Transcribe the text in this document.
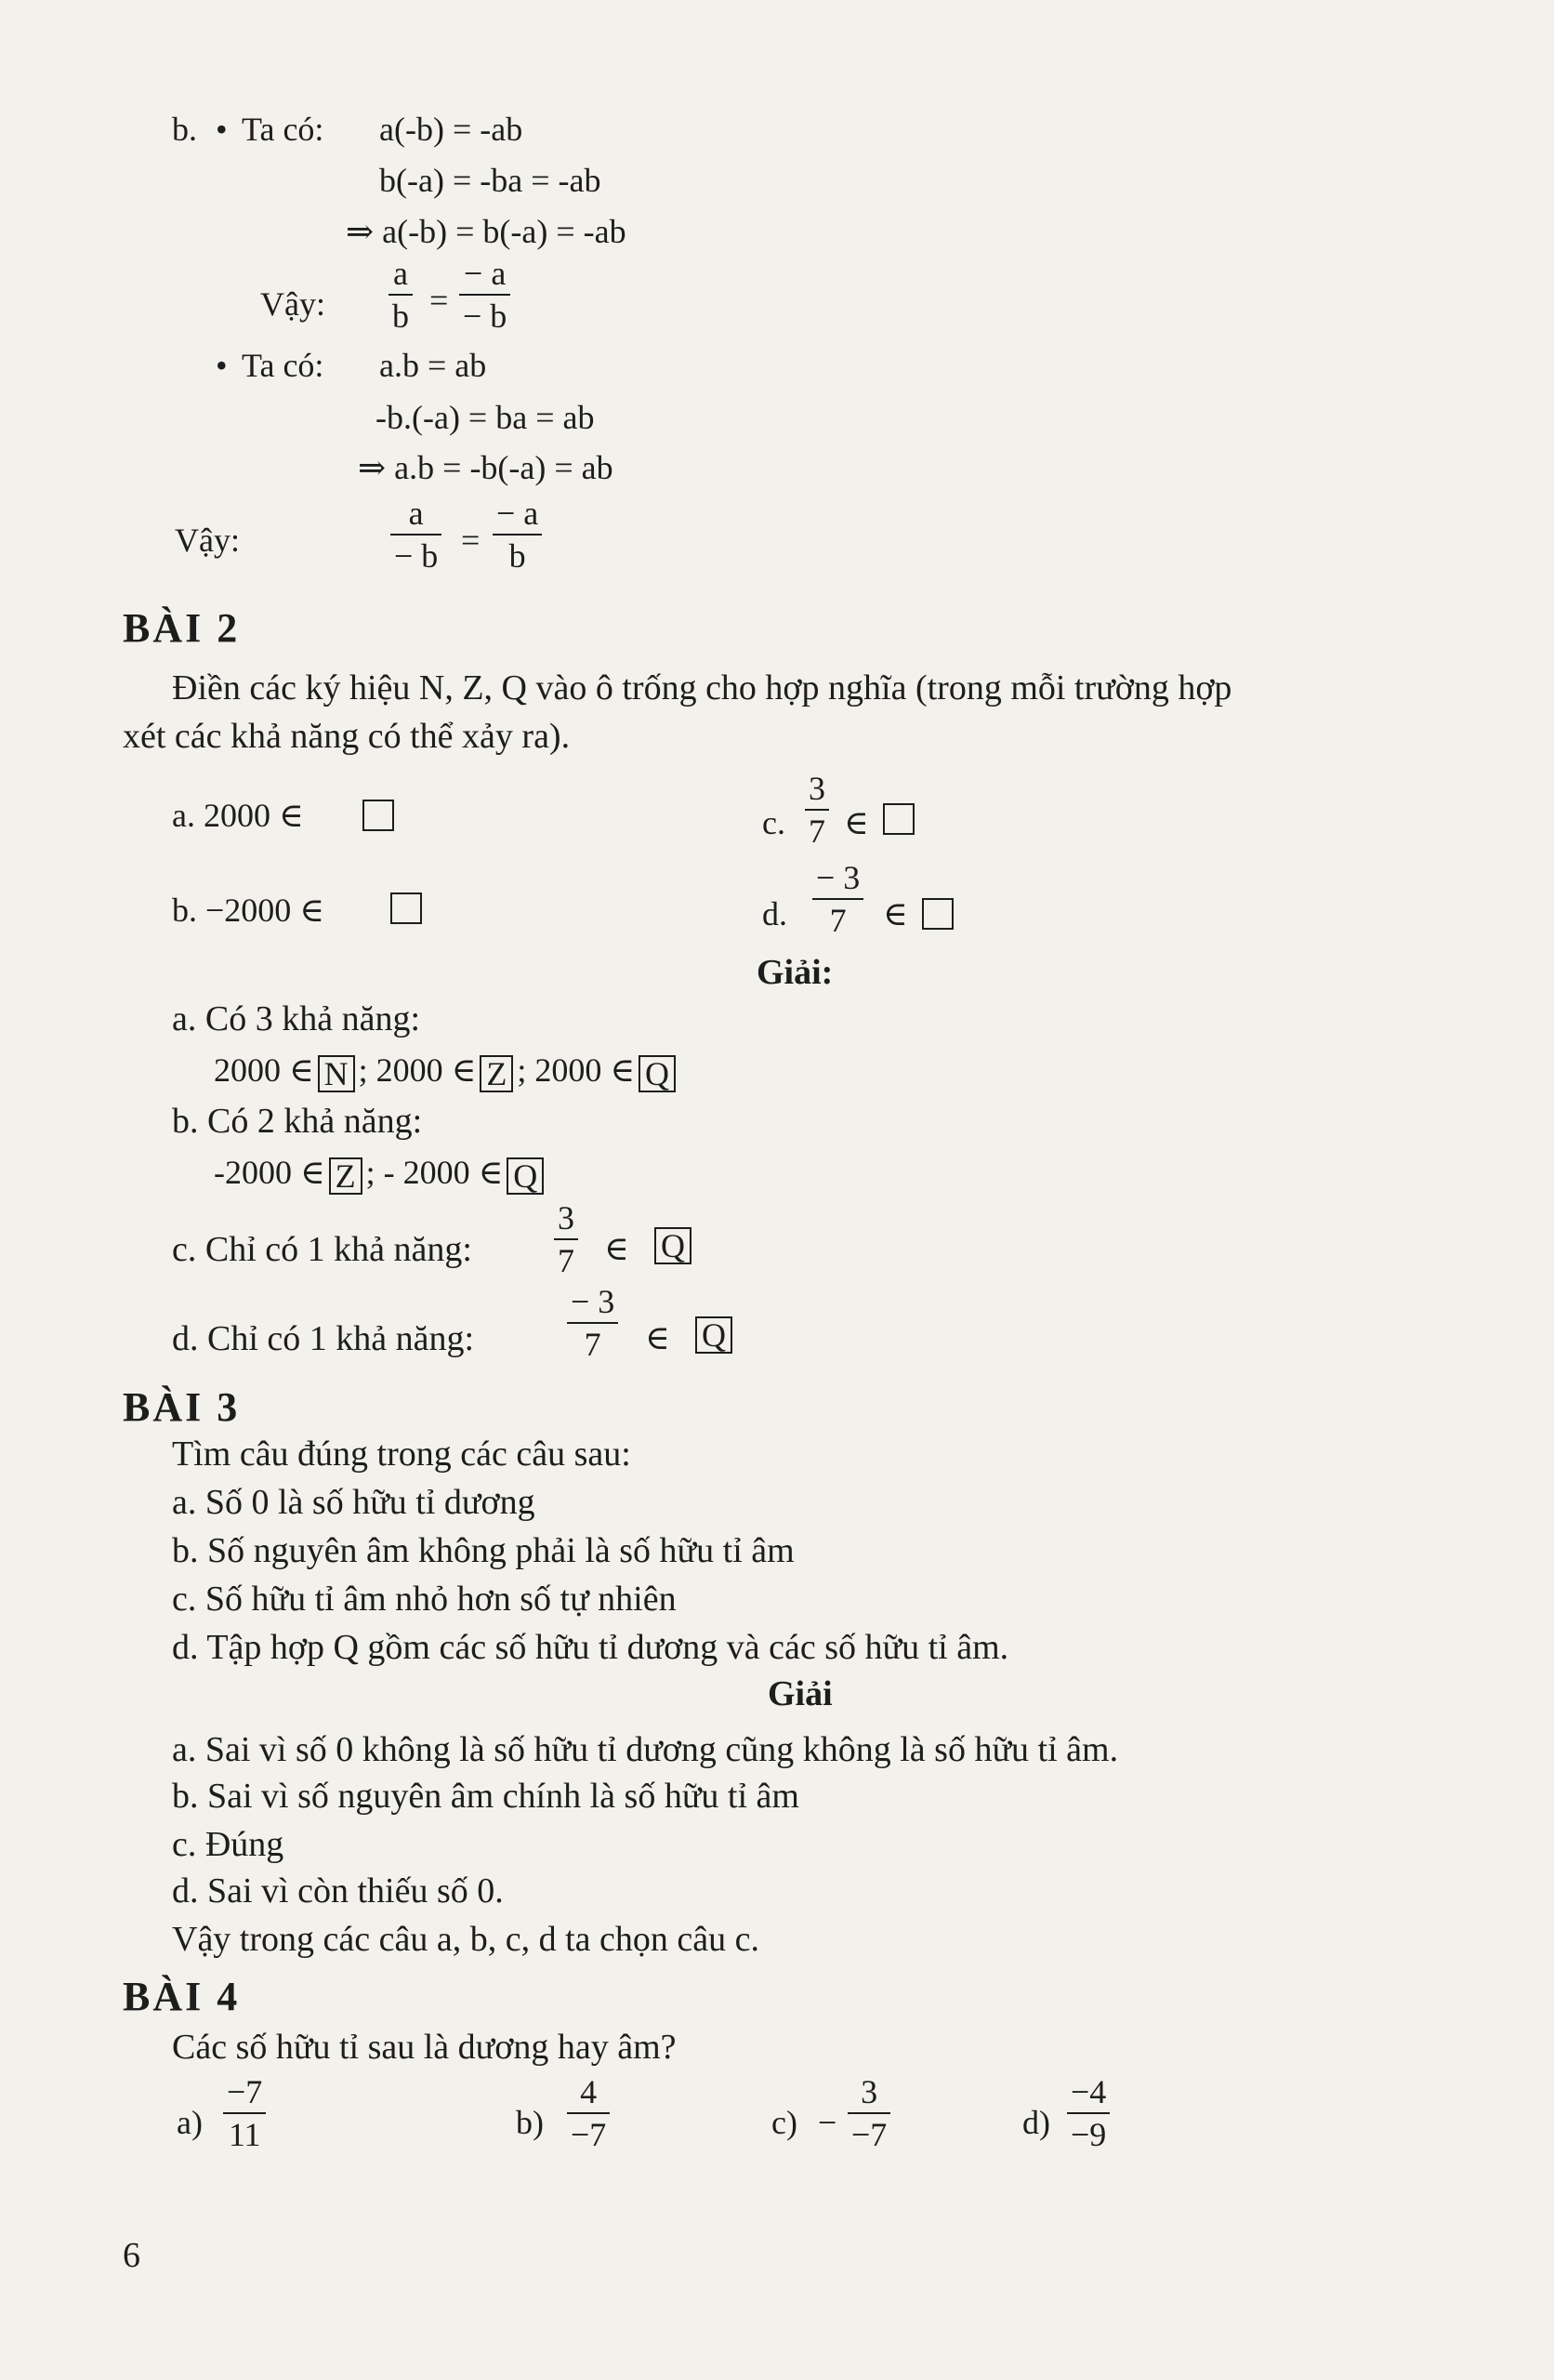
b. • Ta có: a(-b) = -ab
b(-a) = -ba = -ab
⇒ a(-b) = b(-a) = -ab
Vậy:
a
b =
− a
− b
• Ta có: a.b = ab
-b.(-a) = ba = ab
⇒ a.b = -b(-a) = ab
Vậy:
a
− b =
− a
b
BÀI 2
Điền các ký hiệu N, Z, Q vào ô trống cho hợp nghĩa (trong mỗi trường hợp
xét các khả năng có thể xảy ra).
a. 2000 ∈
b. −2000 ∈
c.
3
7 ∈
d.
− 3
7 ∈
Giải:
a. Có 3 khả năng:
2000 ∈ N ; 2000 ∈ Z ; 2000 ∈ Q
b. Có 2 khả năng:
-2000 ∈ Z ; - 2000 ∈ Q
c. Chỉ có 1 khả năng:
3
7 ∈ Q
d. Chỉ có 1 khả năng:
− 3
7 ∈ Q
BÀI 3
Tìm câu đúng trong các câu sau:
a. Số 0 là số hữu tỉ dương
b. Số nguyên âm không phải là số hữu tỉ âm
c. Số hữu tỉ âm nhỏ hơn số tự nhiên
d. Tập hợp Q gồm các số hữu tỉ dương và các số hữu tỉ âm.
Giải
a. Sai vì số 0 không là số hữu tỉ dương cũng không là số hữu tỉ âm.
b. Sai vì số nguyên âm chính là số hữu tỉ âm
c. Đúng
d. Sai vì còn thiếu số 0.
Vậy trong các câu a, b, c, d ta chọn câu c.
BÀI 4
Các số hữu tỉ sau là dương hay âm?
a)
−7
11	b)
4
−7	c) −
3
−7	d)
−4
−9
6
